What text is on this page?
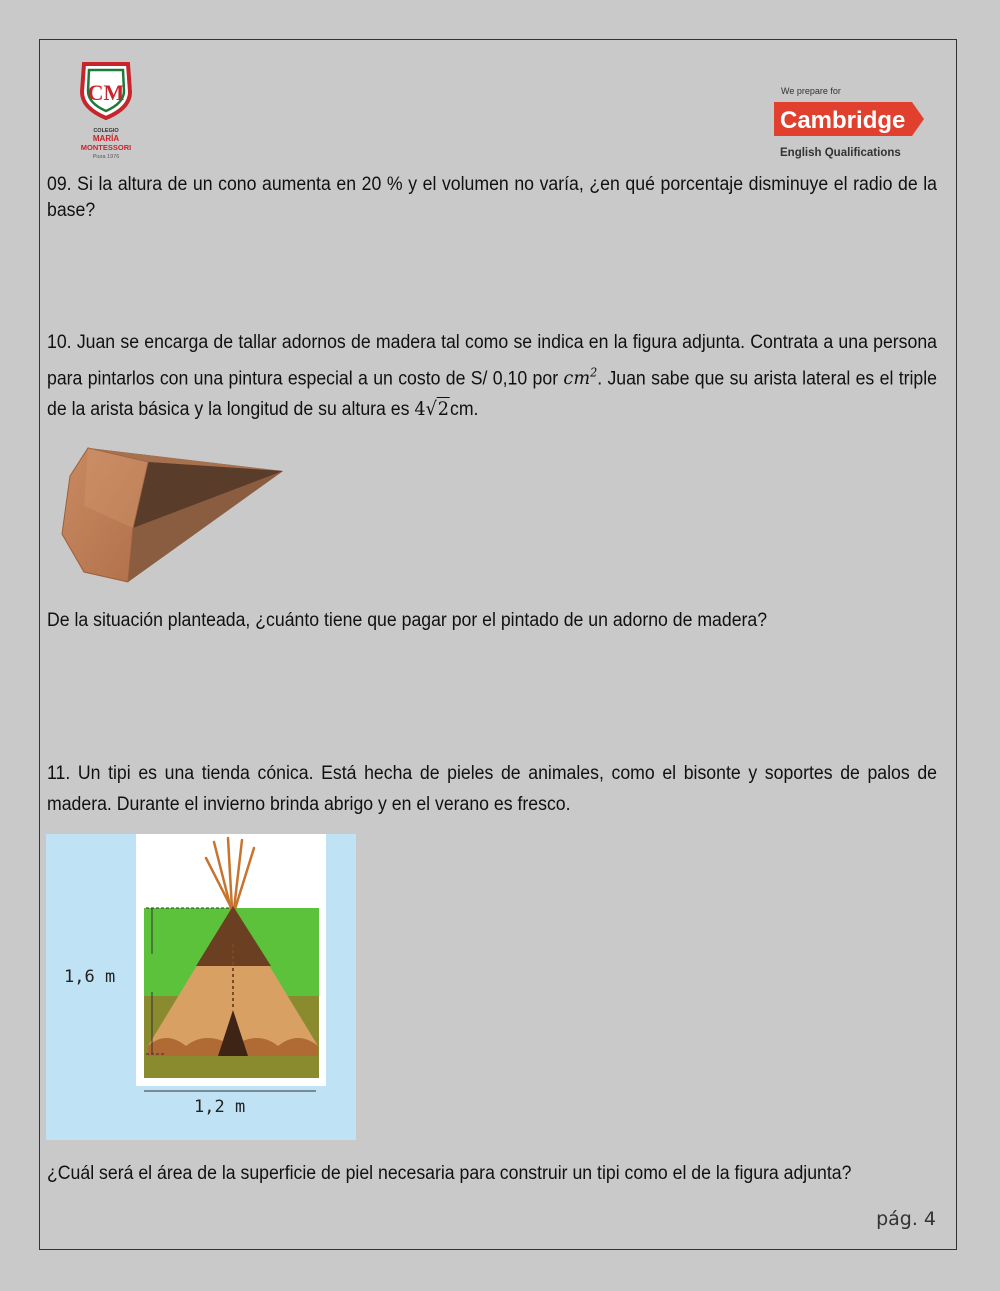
CM
COLEGIO
MARÍA
MONTESSORI
Piura 1976
We prepare for
Cambridge
English Qualifications
09. Si la altura de un cono aumenta en 20 % y el volumen no varía, ¿en qué porcentaje disminuye el radio de la base?
10. Juan se encarga de tallar adornos de madera tal como se indica en la figura adjunta. Contrata a una persona para pintarlos con una pintura especial a un costo de S/ 0,10 por $cm^2$. Juan sabe que su arista lateral es el triple de la arista básica y la longitud de su altura es 4√2cm.
De la situación planteada, ¿cuánto tiene que pagar por el pintado de un adorno de madera?
11. Un tipi es una tienda cónica. Está hecha de pieles de animales, como el bisonte y soportes de palos de madera. Durante el invierno brinda abrigo y en el verano es fresco.
1,6 m
1,2 m
¿Cuál será el área de la superficie de piel necesaria para construir un tipi como el de la figura adjunta?
pág. 4
